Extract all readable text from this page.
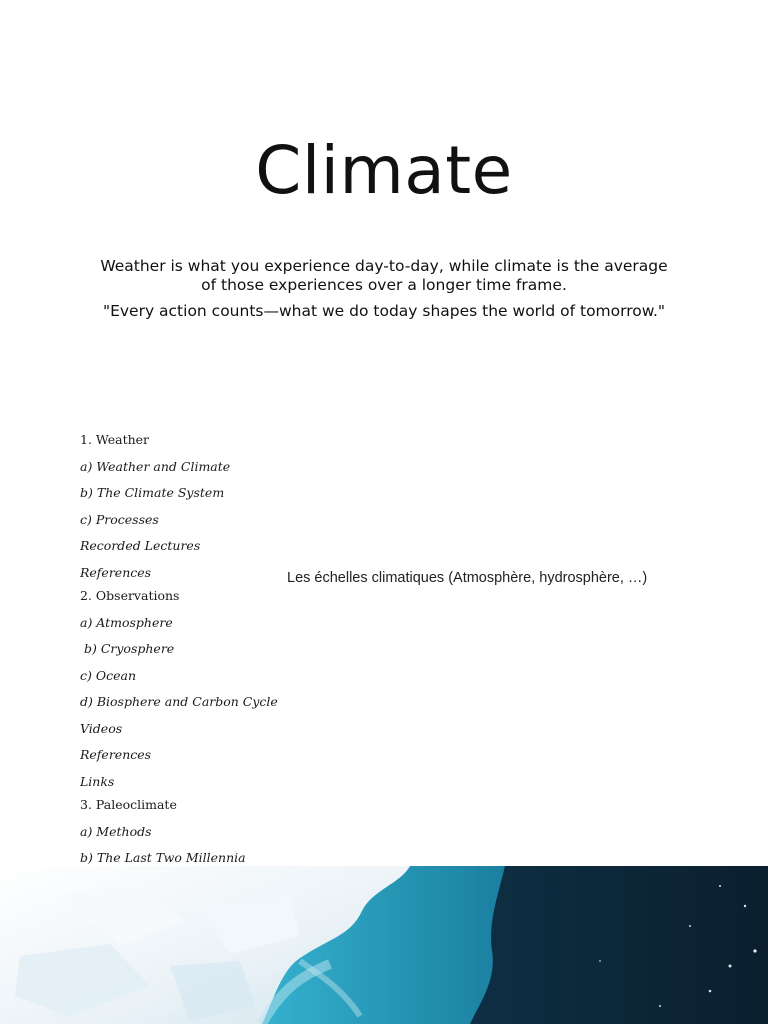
Climate

Weather is what you experience day-to-day, while climate is the average of those experiences over a longer time frame.

"Every action counts—what we do today shapes the world of tomorrow."

1. Weather
a) Weather and Climate
b) The Climate System
c) Processes
Recorded Lectures
References
2. Observations
a) Atmosphere
b) Cryosphere
c) Ocean
d) Biosphere and Carbon Cycle
Videos
References
Links
3. Paleoclimate
a) Methods
b) The Last Two Millennia
Les échelles climatiques (Atmosphère, hydrosphère, …)
